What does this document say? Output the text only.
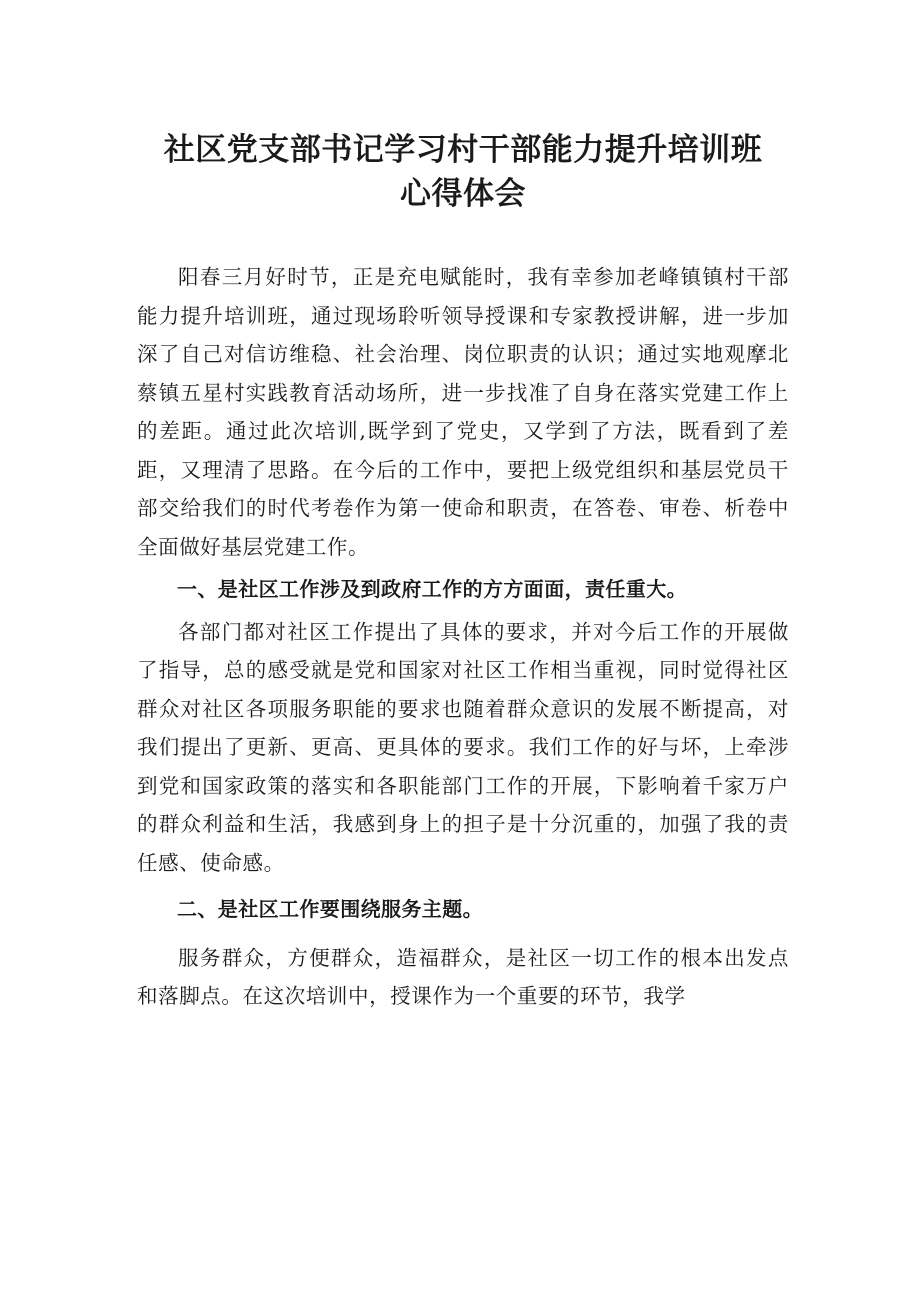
社区党支部书记学习村干部能力提升培训班
心得体会

阳春三月好时节，正是充电赋能时，我有幸参加老峰镇镇村干部能力提升培训班，通过现场聆听领导授课和专家教授讲解，进一步加深了自己对信访维稳、社会治理、岗位职责的认识；通过实地观摩北蔡镇五星村实践教育活动场所，进一步找准了自身在落实党建工作上的差距。通过此次培训,既学到了党史，又学到了方法，既看到了差距，又理清了思路。在今后的工作中，要把上级党组织和基层党员干部交给我们的时代考卷作为第一使命和职责，在答卷、审卷、析卷中全面做好基层党建工作。

一、是社区工作涉及到政府工作的方方面面，责任重大。

各部门都对社区工作提出了具体的要求，并对今后工作的开展做了指导，总的感受就是党和国家对社区工作相当重视，同时觉得社区群众对社区各项服务职能的要求也随着群众意识的发展不断提高，对我们提出了更新、更高、更具体的要求。我们工作的好与坏，上牵涉到党和国家政策的落实和各职能部门工作的开展，下影响着千家万户的群众利益和生活，我感到身上的担子是十分沉重的，加强了我的责任感、使命感。

二、是社区工作要围绕服务主题。

服务群众，方便群众，造福群众，是社区一切工作的根本出发点和落脚点。在这次培训中，授课作为一个重要的环节，我学
